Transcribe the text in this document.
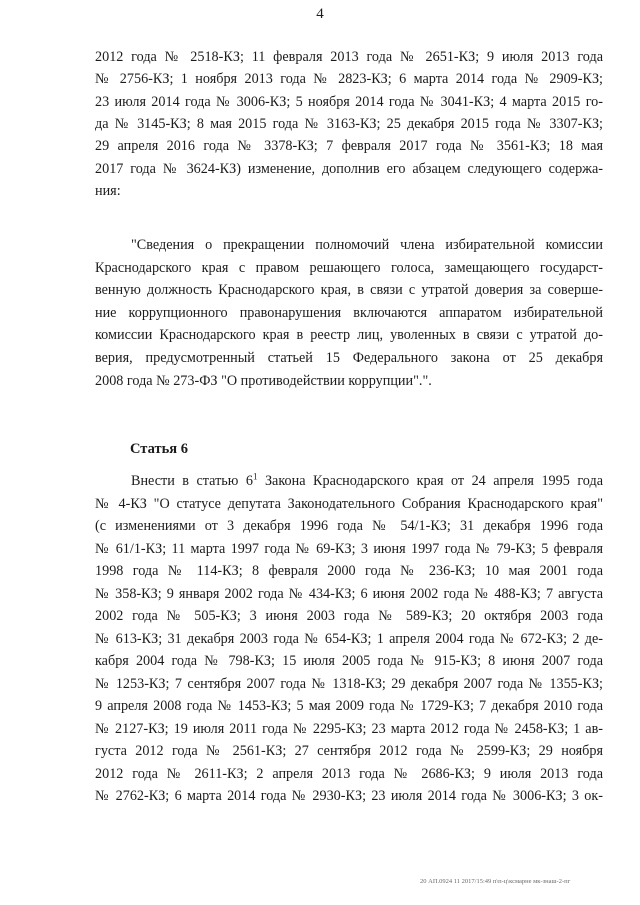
4
2012 года № 2518-КЗ; 11 февраля 2013 года № 2651-КЗ; 9 июля 2013 года
№ 2756-КЗ; 1 ноября 2013 года № 2823-КЗ; 6 марта 2014 года № 2909-КЗ;
23 июля 2014 года № 3006-КЗ; 5 ноября 2014 года № 3041-КЗ; 4 марта 2015 го-
да № 3145-КЗ; 8 мая 2015 года № 3163-КЗ; 25 декабря 2015 года № 3307-КЗ;
29 апреля 2016 года № 3378-КЗ; 7 февраля 2017 года № 3561-КЗ; 18 мая
2017 года № 3624-КЗ) изменение, дополнив его абзацем следующего содержа-
ния:
"Сведения о прекращении полномочий члена избирательной комиссии
Краснодарского края с правом решающего голоса, замещающего государст-
венную должность Краснодарского края, в связи с утратой доверия за соверше-
ние коррупционного правонарушения включаются аппаратом избирательной
комиссии Краснодарского края в реестр лиц, уволенных в связи с утратой до-
верия, предусмотренный статьей 15 Федерального закона от 25 декабря
2008 года № 273-ФЗ "О противодействии коррупции".".
Статья 6
Внести в статью $6^1$ Закона Краснодарского края от 24 апреля 1995 года
№ 4-КЗ "О статусе депутата Законодательного Собрания Краснодарского края"
(с изменениями от 3 декабря 1996 года № 54/1-КЗ; 31 декабря 1996 года
№ 61/1-КЗ; 11 марта 1997 года № 69-КЗ; 3 июня 1997 года № 79-КЗ; 5 февраля
1998 года № 114-КЗ; 8 февраля 2000 года № 236-КЗ; 10 мая 2001 года
№ 358-КЗ; 9 января 2002 года № 434-КЗ; 6 июня 2002 года № 488-КЗ; 7 августа
2002 года № 505-КЗ; 3 июня 2003 года № 589-КЗ; 20 октября 2003 года
№ 613-КЗ; 31 декабря 2003 года № 654-КЗ; 1 апреля 2004 года № 672-КЗ; 2 де-
кабря 2004 года № 798-КЗ; 15 июля 2005 года № 915-КЗ; 8 июня 2007 года
№ 1253-КЗ; 7 сентября 2007 года № 1318-КЗ; 29 декабря 2007 года № 1355-КЗ;
9 апреля 2008 года № 1453-КЗ; 5 мая 2009 года № 1729-КЗ; 7 декабря 2010 года
№ 2127-КЗ; 19 июля 2011 года № 2295-КЗ; 23 марта 2012 года № 2458-КЗ; 1 ав-
густа 2012 года № 2561-КЗ; 27 сентября 2012 года № 2599-КЗ; 29 ноября
2012 года № 2611-КЗ; 2 апреля 2013 года № 2686-КЗ; 9 июля 2013 года
№ 2762-КЗ; 6 марта 2014 года № 2930-КЗ; 23 июля 2014 года № 3006-КЗ; 3 ок-
20 АП.0924 11 2017/15:49 п\п-ц\ксмарне мк-знаш-2-пг
